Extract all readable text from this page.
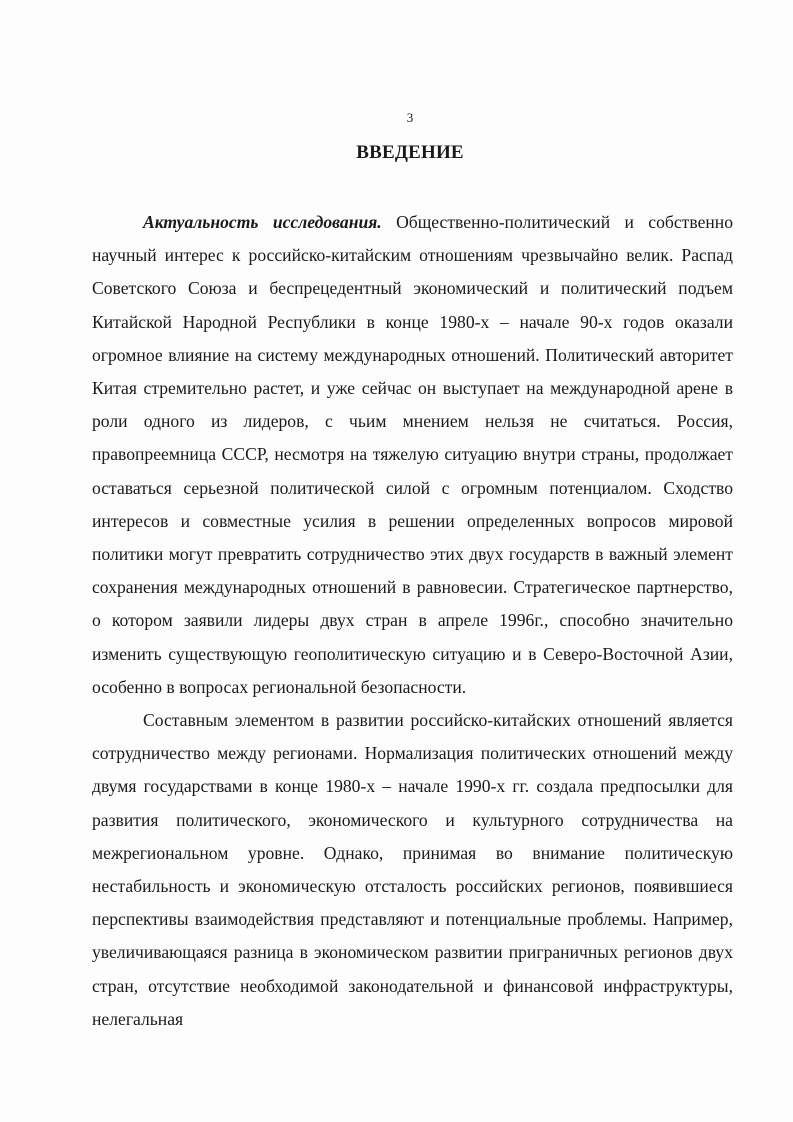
3
ВВЕДЕНИЕ

Актуальность исследования. Общественно-политический и собственно научный интерес к российско-китайским отношениям чрезвычайно велик. Распад Советского Союза и беспрецедентный экономический и политический подъем Китайской Народной Республики в конце 1980-х – начале 90-х годов оказали огромное влияние на систему международных отношений. Политический авторитет Китая стремительно растет, и уже сейчас он выступает на международной арене в роли одного из лидеров, с чьим мнением нельзя не считаться. Россия, правопреемница СССР, несмотря на тяжелую ситуацию внутри страны, продолжает оставаться серьезной политической силой с огромным потенциалом. Сходство интересов и совместные усилия в решении определенных вопросов мировой политики могут превратить сотрудничество этих двух государств в важный элемент сохранения международных отношений в равновесии. Стратегическое партнерство, о котором заявили лидеры двух стран в апреле 1996г., способно значительно изменить существующую геополитическую ситуацию и в Северо-Восточной Азии, особенно в вопросах региональной безопасности.

Составным элементом в развитии российско-китайских отношений является сотрудничество между регионами. Нормализация политических отношений между двумя государствами в конце 1980-х – начале 1990-х гг. создала предпосылки для развития политического, экономического и культурного сотрудничества на межрегиональном уровне. Однако, принимая во внимание политическую нестабильность и экономическую отсталость российских регионов, появившиеся перспективы взаимодействия представляют и потенциальные проблемы. Например, увеличивающаяся разница в экономическом развитии приграничных регионов двух стран, отсутствие необходимой законодательной и финансовой инфраструктуры, нелегальная
